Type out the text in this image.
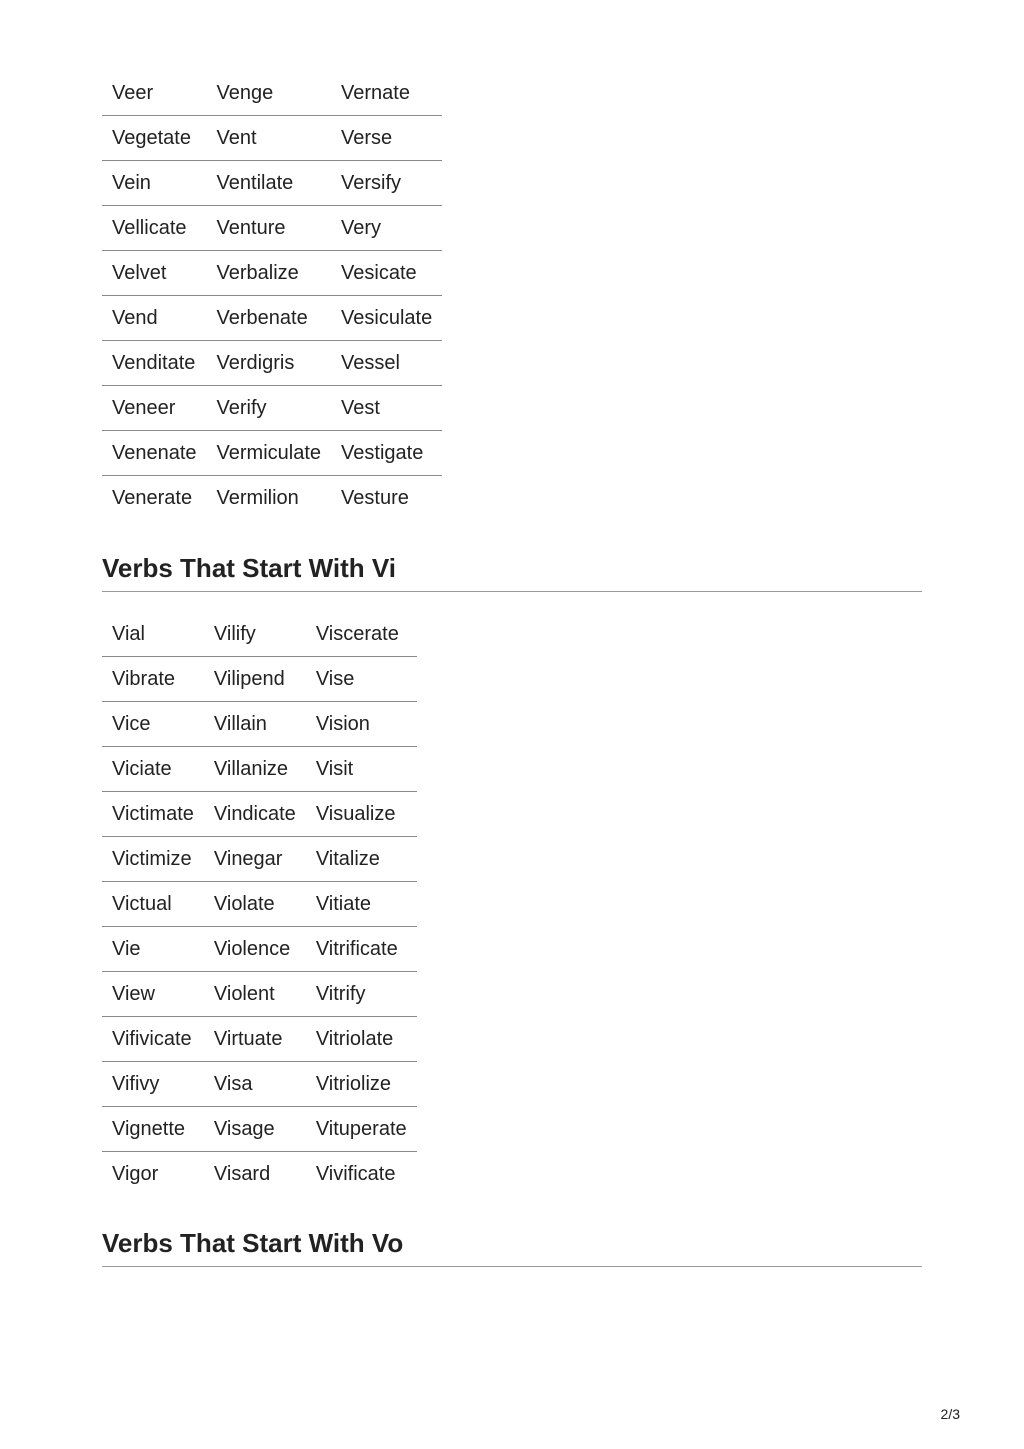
Veer	Venge	Vernate
Vegetate	Vent	Verse
Vein	Ventilate	Versify
Vellicate	Venture	Very
Velvet	Verbalize	Vesicate
Vend	Verbenate	Vesiculate
Venditate	Verdigris	Vessel
Veneer	Verify	Vest
Venenate	Vermiculate	Vestigate
Venerate	Vermilion	Vesture
Verbs That Start With Vi
Vial	Vilify	Viscerate
Vibrate	Vilipend	Vise
Vice	Villain	Vision
Viciate	Villanize	Visit
Victimate	Vindicate	Visualize
Victimize	Vinegar	Vitalize
Victual	Violate	Vitiate
Vie	Violence	Vitrificate
View	Violent	Vitrify
Vifivicate	Virtuate	Vitriolate
Vifivy	Visa	Vitriolize
Vignette	Visage	Vituperate
Vigor	Visard	Vivificate
Verbs That Start With Vo
2/3
